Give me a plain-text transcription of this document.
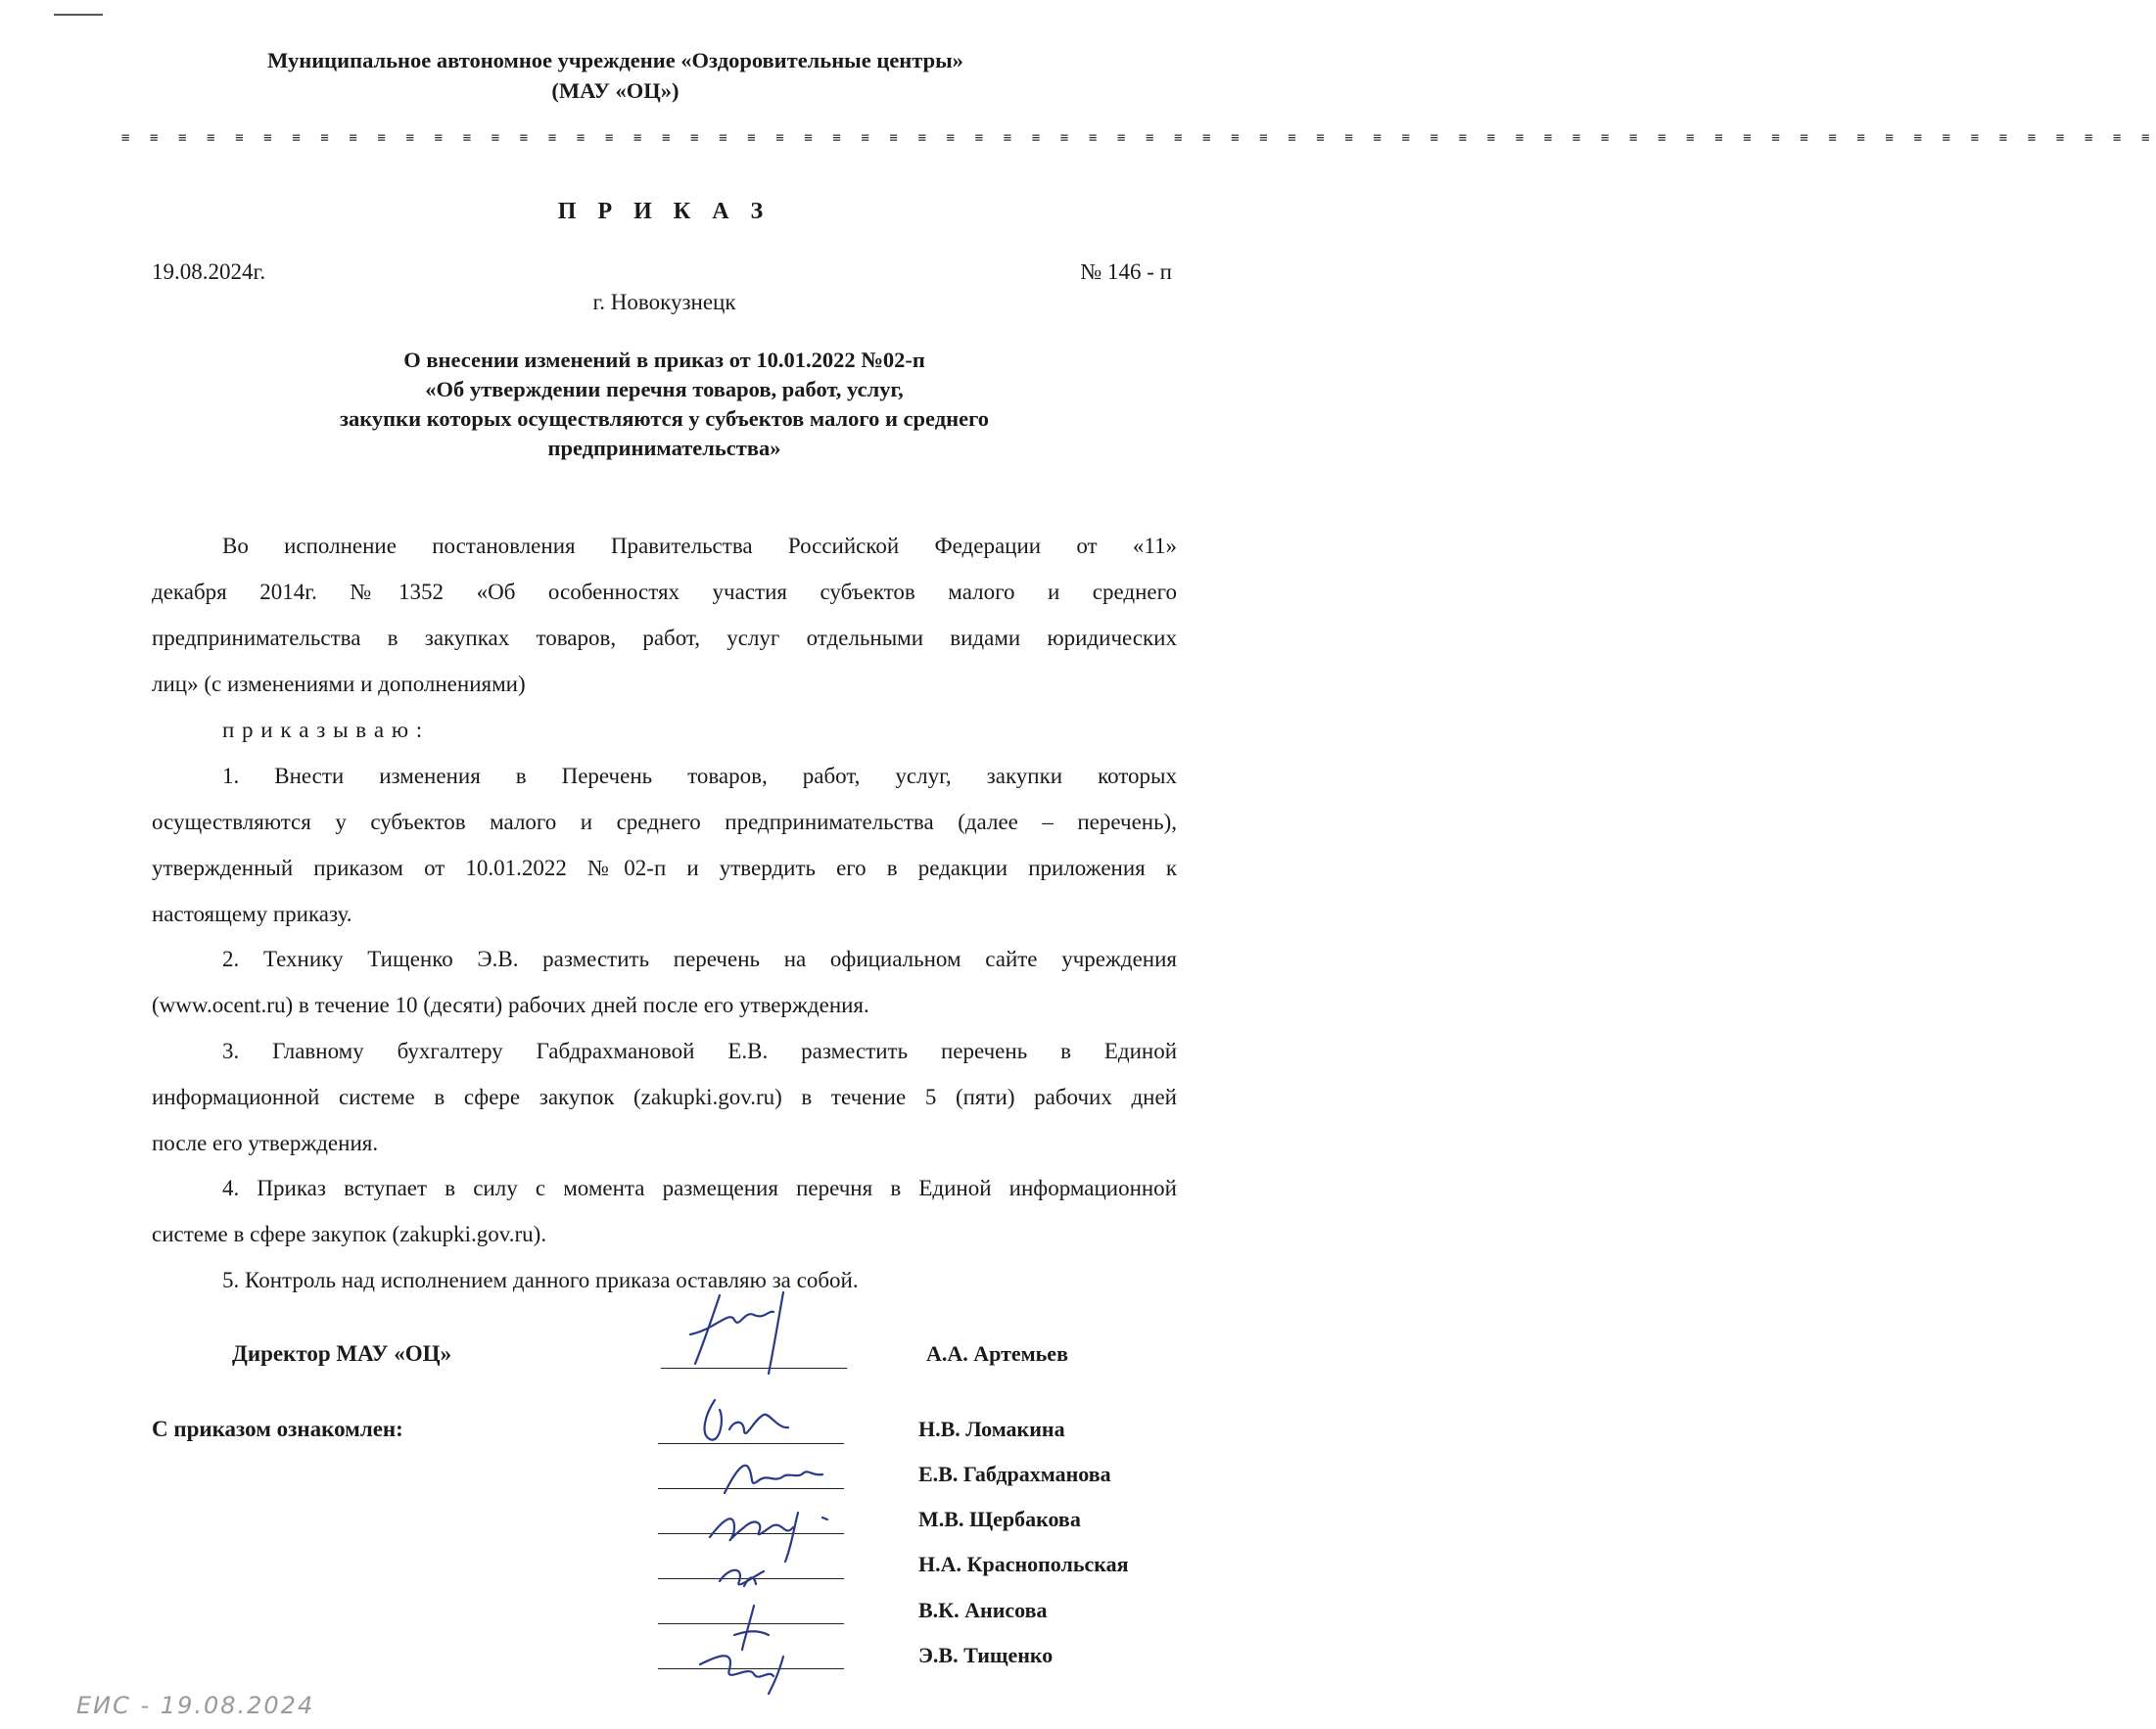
Муниципальное автономное учреждение «Оздоровительные центры»
(МАУ «ОЦ»)
≡ ≡ ≡ ≡ ≡ ≡ ≡ ≡ ≡ ≡ ≡ ≡ ≡ ≡ ≡ ≡ ≡ ≡ ≡ ≡ ≡ ≡ ≡ ≡ ≡ ≡ ≡ ≡ ≡ ≡ ≡ ≡ ≡ ≡ ≡ ≡ ≡ ≡ ≡ ≡ ≡ ≡ ≡ ≡ ≡ ≡ ≡ ≡ ≡ ≡ ≡ ≡ ≡ ≡ ≡ ≡ ≡ ≡ ≡ ≡ ≡ ≡ ≡ ≡ ≡ ≡ ≡ ≡ ≡ ≡ ≡ ≡
П Р И К А З
19.08.2024г.	№ 146 - п
г. Новокузнецк
О внесении изменений в приказ от 10.01.2022 №02-п
«Об утверждении перечня товаров, работ, услуг,
закупки которых осуществляются у субъектов малого и среднего
предпринимательства»
Во исполнение постановления Правительства Российской Федерации от «11»
декабря 2014г. №1352 «Об особенностях участия субъектов малого и среднего
предпринимательства в закупках товаров, работ, услуг отдельными видами юридических
лиц» (с изменениями и дополнениями)
п р и к а з ы в а ю :
1. Внести изменения в Перечень товаров, работ, услуг, закупки которых
осуществляются у субъектов малого и среднего предпринимательства (далее – перечень),
утвержденный приказом от 10.01.2022 №02-п и утвердить его в редакции приложения к
настоящему приказу.
2. Технику Тищенко Э.В. разместить перечень на официальном сайте учреждения
(www.ocent.ru) в течение 10 (десяти) рабочих дней после его утверждения.
3. Главному бухгалтеру Габдрахмановой Е.В. разместить перечень в Единой
информационной системе в сфере закупок (zakupki.gov.ru) в течение 5 (пяти) рабочих дней
после его утверждения.
4. Приказ вступает в силу с момента размещения перечня в Единой информационной
системе в сфере закупок (zakupki.gov.ru).
5. Контроль над исполнением данного приказа оставляю за собой.
Директор МАУ «ОЦ»	А.А. Артемьев
С приказом ознакомлен:	Н.В. Ломакина
Е.В. Габдрахманова
М.В. Щербакова
Н.А. Краснопольская
В.К. Анисова
Э.В. Тищенко
ЕИС - 19.08.2024
